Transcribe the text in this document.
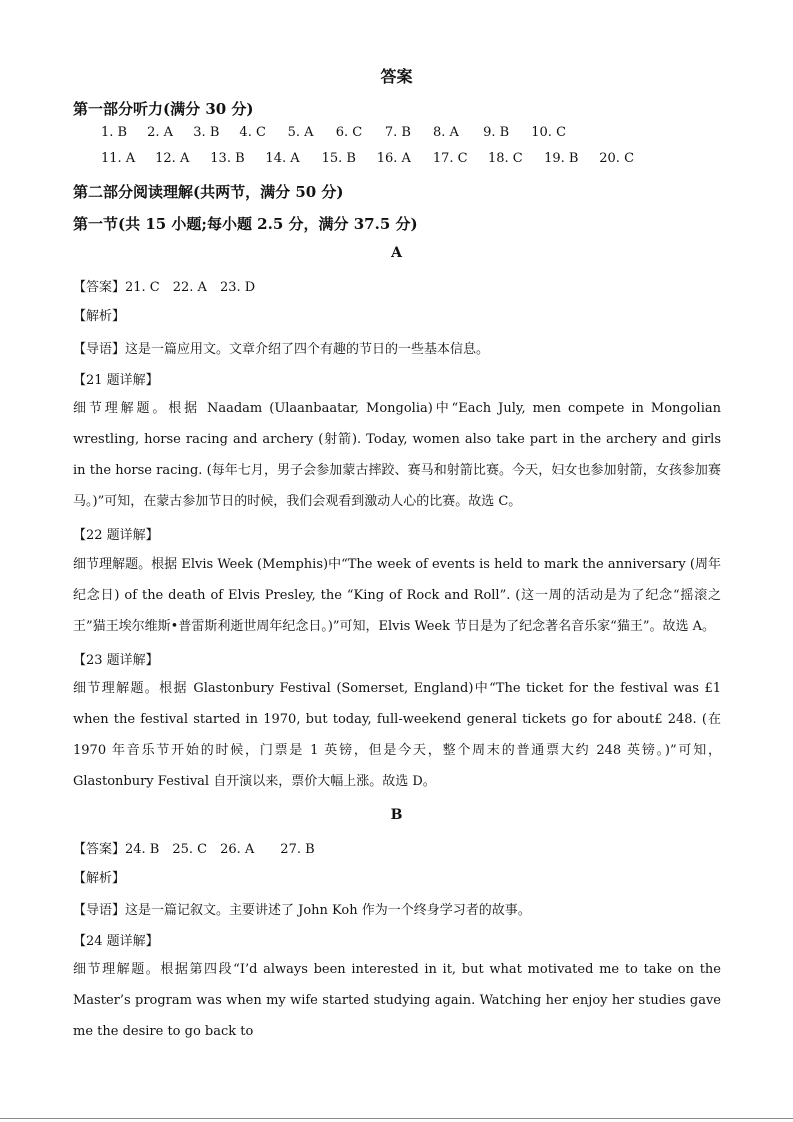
答案
第一部分听力(满分 30 分)
1. B 2. A 3. B 4. C 5. A 6. C 7. B 8. A 9. B 10. C
11. A 12. A 13. B 14. A 15. B 16. A 17. C 18. C 19. B 20. C
第二部分阅读理解(共两节，满分 50 分)
第一节(共 15 小题;每小题 2.5 分，满分 37.5 分)
A
【答案】21. C　22. A　23. D
【解析】
【导语】这是一篇应用文。文章介绍了四个有趣的节日的一些基本信息。
【21 题详解】
细节理解题。根据 Naadam (Ulaanbaatar, Mongolia)中“Each July, men compete in Mongolian wrestling, horse racing and archery (射箭). Today, women also take part in the archery and girls in the horse racing. (每年七月，男子会参加蒙古摔跤、赛马和射箭比赛。今天，妇女也参加射箭，女孩参加赛马。)”可知，在蒙古参加节日的时候，我们会观看到激动人心的比赛。故选 C。
【22 题详解】
细节理解题。根据 Elvis Week (Memphis)中“The week of events is held to mark the anniversary (周年纪念日) of the death of Elvis Presley, the “King of Rock and Roll”. (这一周的活动是为了纪念“摇滚之王”猫王埃尔维斯•普雷斯利逝世周年纪念日。)”可知，Elvis Week 节日是为了纪念著名音乐家“猫王”。故选 A。
【23 题详解】
细节理解题。根据 Glastonbury Festival (Somerset, England)中“The ticket for the festival was £1 when the festival started in 1970, but today, full-weekend general tickets go for about£ 248. (在 1970 年音乐节开始的时候，门票是 1 英镑，但是今天，整个周末的普通票大约 248 英镑。)”可知，Glastonbury Festival 自开演以来，票价大幅上涨。故选 D。
B
【答案】24. B　25. C　26. A　　27. B
【解析】
【导语】这是一篇记叙文。主要讲述了 John Koh 作为一个终身学习者的故事。
【24 题详解】
细节理解题。根据第四段“I’d always been interested in it, but what motivated me to take on the Master’s program was when my wife started studying again. Watching her enjoy her studies gave me the desire to go back to
